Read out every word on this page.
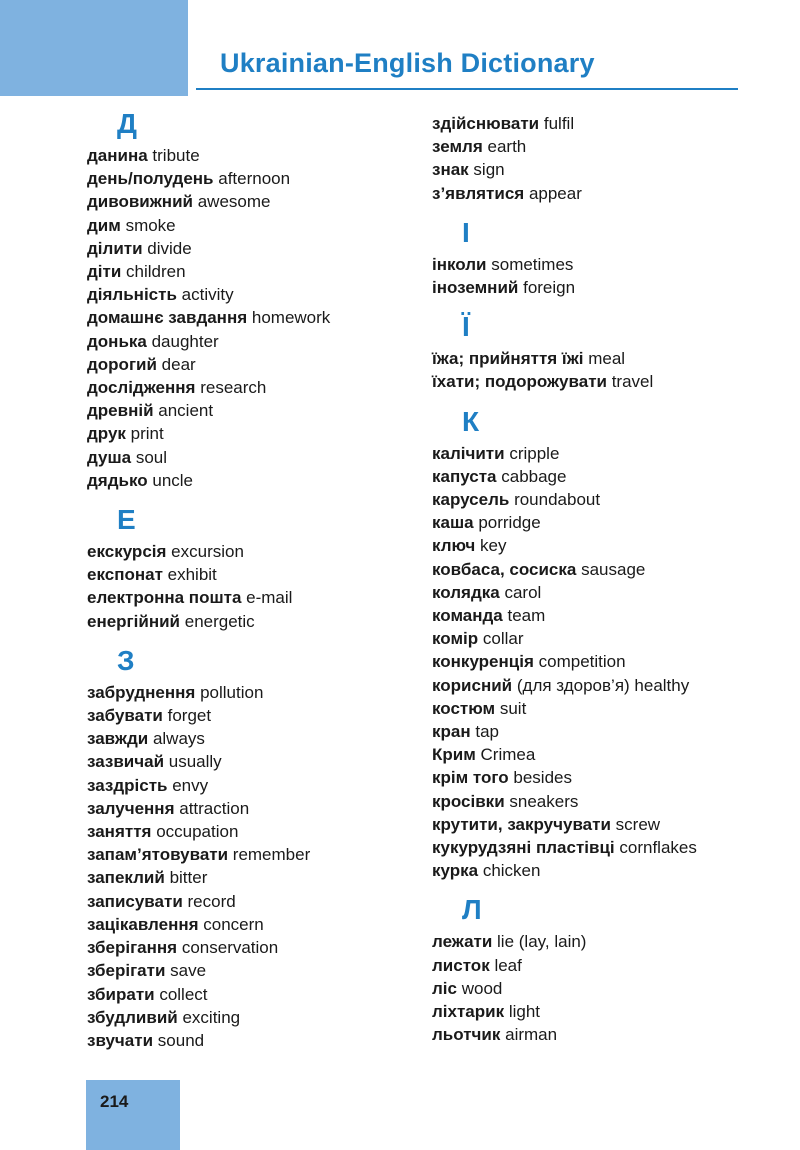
Ukrainian-English Dictionary
Д
данина tribute
день/полудень afternoon
дивовижний awesome
дим smoke
ділити divide
діти children
діяльність activity
домашнє завдання homework
донька daughter
дорогий dear
дослідження research
древній ancient
друк print
душа soul
дядько uncle
Е
екскурсія excursion
експонат exhibit
електронна пошта e-mail
енергійний energetic
З
забруднення pollution
забувати forget
завжди always
зазвичай usually
заздрість envy
залучення attraction
заняття occupation
запам’ятовувати remember
запеклий bitter
записувати record
зацікавлення concern
зберігання conservation
зберігати save
збирати collect
збудливий exciting
звучати sound
здійснювати fulfil
земля earth
знак sign
з’являтися appear
І
інколи sometimes
іноземний foreign
Ї
їжа; прийняття їжі meal
їхати; подорожувати travel
К
калічити cripple
капуста cabbage
карусель roundabout
каша porridge
ключ key
ковбаса, сосиска sausage
колядка carol
команда team
комір collar
конкуренція competition
корисний (для здоров’я) healthy
костюм suit
кран tap
Крим Crimea
крім того besides
кросівки sneakers
крутити, закручувати screw
кукурудзяні пластівці cornflakes
курка chicken
Л
лежати lie (lay, lain)
листок leaf
ліс wood
ліхтарик light
льотчик airman
214
